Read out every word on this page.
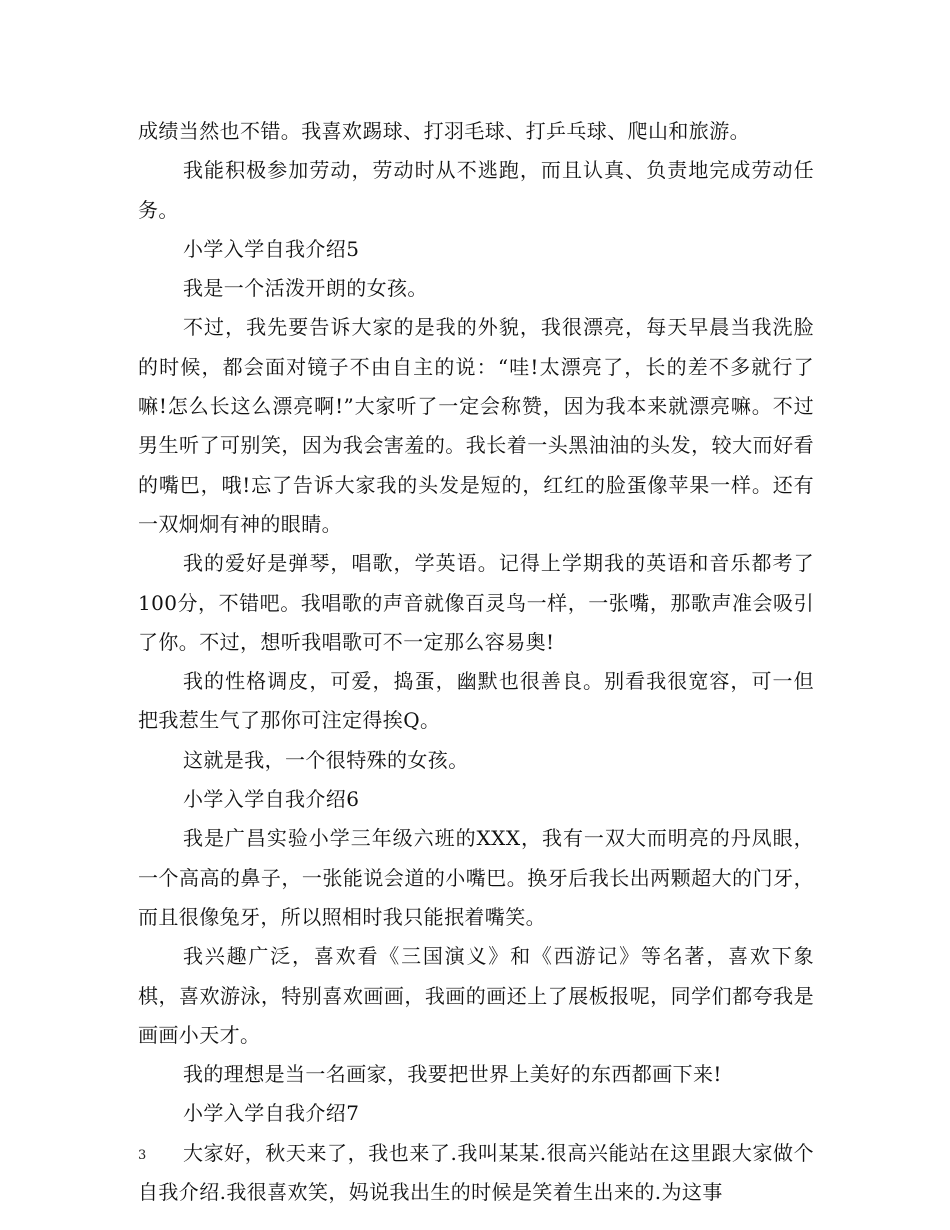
成绩当然也不错。我喜欢踢球、打羽毛球、打乒乓球、爬山和旅游。

我能积极参加劳动，劳动时从不逃跑，而且认真、负责地完成劳动任务。

小学入学自我介绍5

我是一个活泼开朗的女孩。

不过，我先要告诉大家的是我的外貌，我很漂亮，每天早晨当我洗脸的时候，都会面对镜子不由自主的说：“哇!太漂亮了，长的差不多就行了嘛!怎么长这么漂亮啊!”大家听了一定会称赞，因为我本来就漂亮嘛。不过男生听了可别笑，因为我会害羞的。我长着一头黑油油的头发，较大而好看的嘴巴，哦!忘了告诉大家我的头发是短的，红红的脸蛋像苹果一样。还有一双炯炯有神的眼睛。

我的爱好是弹琴，唱歌，学英语。记得上学期我的英语和音乐都考了100分，不错吧。我唱歌的声音就像百灵鸟一样，一张嘴，那歌声准会吸引了你。不过，想听我唱歌可不一定那么容易奥!

我的性格调皮，可爱，捣蛋，幽默也很善良。别看我很宽容，可一但把我惹生气了那你可注定得挨Q。

这就是我，一个很特殊的女孩。

小学入学自我介绍6

我是广昌实验小学三年级六班的XXX，我有一双大而明亮的丹凤眼，一个高高的鼻子，一张能说会道的小嘴巴。换牙后我长出两颗超大的门牙，而且很像兔牙，所以照相时我只能抿着嘴笑。

我兴趣广泛，喜欢看《三国演义》和《西游记》等名著，喜欢下象棋，喜欢游泳，特别喜欢画画，我画的画还上了展板报呢，同学们都夸我是画画小天才。

我的理想是当一名画家，我要把世界上美好的东西都画下来!

小学入学自我介绍7

大家好，秋天来了，我也来了.我叫某某.很高兴能站在这里跟大家做个自我介绍.我很喜欢笑，妈说我出生的时候是笑着生出来的.为这事

3
